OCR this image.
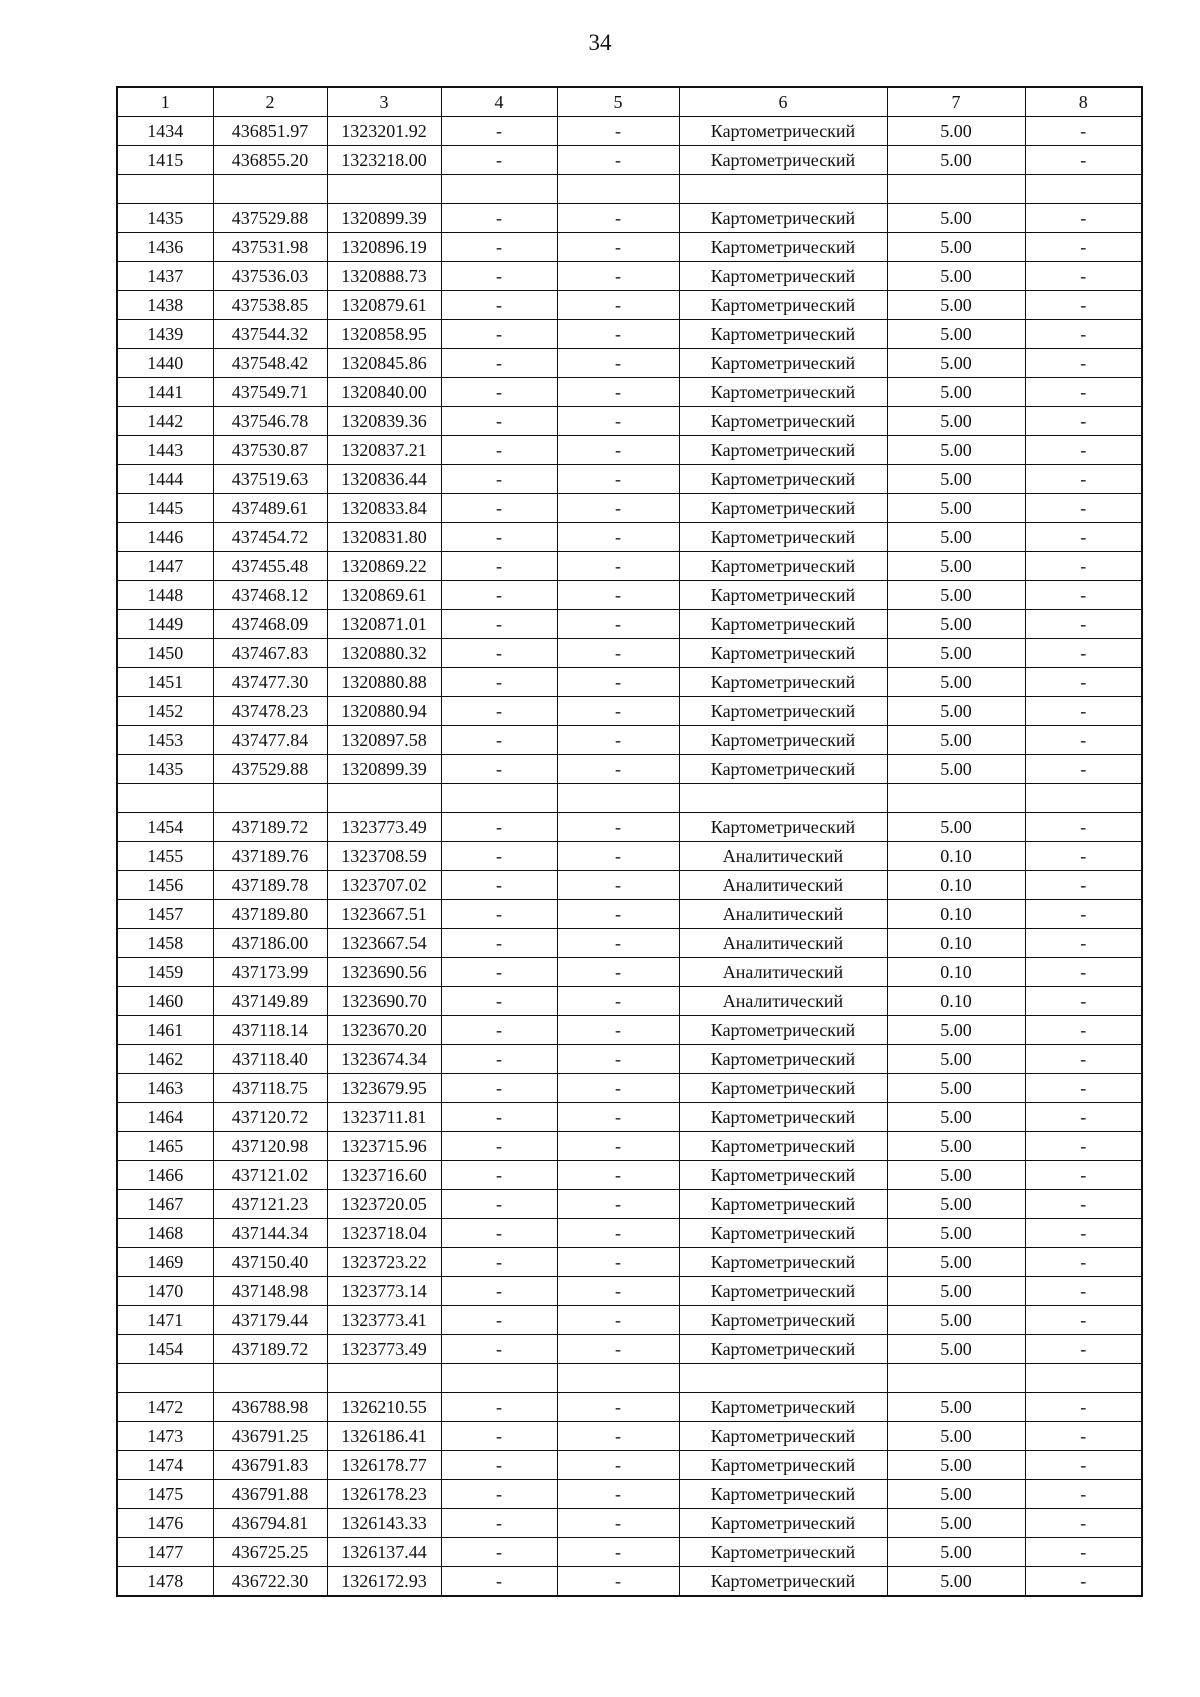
34
1	2	3	4	5	6	7	8
1434	436851.97	1323201.92	-	-	Картометрический	5.00	-
1415	436855.20	1323218.00	-	-	Картометрический	5.00	-

1435	437529.88	1320899.39	-	-	Картометрический	5.00	-
1436	437531.98	1320896.19	-	-	Картометрический	5.00	-
1437	437536.03	1320888.73	-	-	Картометрический	5.00	-
1438	437538.85	1320879.61	-	-	Картометрический	5.00	-
1439	437544.32	1320858.95	-	-	Картометрический	5.00	-
1440	437548.42	1320845.86	-	-	Картометрический	5.00	-
1441	437549.71	1320840.00	-	-	Картометрический	5.00	-
1442	437546.78	1320839.36	-	-	Картометрический	5.00	-
1443	437530.87	1320837.21	-	-	Картометрический	5.00	-
1444	437519.63	1320836.44	-	-	Картометрический	5.00	-
1445	437489.61	1320833.84	-	-	Картометрический	5.00	-
1446	437454.72	1320831.80	-	-	Картометрический	5.00	-
1447	437455.48	1320869.22	-	-	Картометрический	5.00	-
1448	437468.12	1320869.61	-	-	Картометрический	5.00	-
1449	437468.09	1320871.01	-	-	Картометрический	5.00	-
1450	437467.83	1320880.32	-	-	Картометрический	5.00	-
1451	437477.30	1320880.88	-	-	Картометрический	5.00	-
1452	437478.23	1320880.94	-	-	Картометрический	5.00	-
1453	437477.84	1320897.58	-	-	Картометрический	5.00	-
1435	437529.88	1320899.39	-	-	Картометрический	5.00	-

1454	437189.72	1323773.49	-	-	Картометрический	5.00	-
1455	437189.76	1323708.59	-	-	Аналитический	0.10	-
1456	437189.78	1323707.02	-	-	Аналитический	0.10	-
1457	437189.80	1323667.51	-	-	Аналитический	0.10	-
1458	437186.00	1323667.54	-	-	Аналитический	0.10	-
1459	437173.99	1323690.56	-	-	Аналитический	0.10	-
1460	437149.89	1323690.70	-	-	Аналитический	0.10	-
1461	437118.14	1323670.20	-	-	Картометрический	5.00	-
1462	437118.40	1323674.34	-	-	Картометрический	5.00	-
1463	437118.75	1323679.95	-	-	Картометрический	5.00	-
1464	437120.72	1323711.81	-	-	Картометрический	5.00	-
1465	437120.98	1323715.96	-	-	Картометрический	5.00	-
1466	437121.02	1323716.60	-	-	Картометрический	5.00	-
1467	437121.23	1323720.05	-	-	Картометрический	5.00	-
1468	437144.34	1323718.04	-	-	Картометрический	5.00	-
1469	437150.40	1323723.22	-	-	Картометрический	5.00	-
1470	437148.98	1323773.14	-	-	Картометрический	5.00	-
1471	437179.44	1323773.41	-	-	Картометрический	5.00	-
1454	437189.72	1323773.49	-	-	Картометрический	5.00	-

1472	436788.98	1326210.55	-	-	Картометрический	5.00	-
1473	436791.25	1326186.41	-	-	Картометрический	5.00	-
1474	436791.83	1326178.77	-	-	Картометрический	5.00	-
1475	436791.88	1326178.23	-	-	Картометрический	5.00	-
1476	436794.81	1326143.33	-	-	Картометрический	5.00	-
1477	436725.25	1326137.44	-	-	Картометрический	5.00	-
1478	436722.30	1326172.93	-	-	Картометрический	5.00	-
